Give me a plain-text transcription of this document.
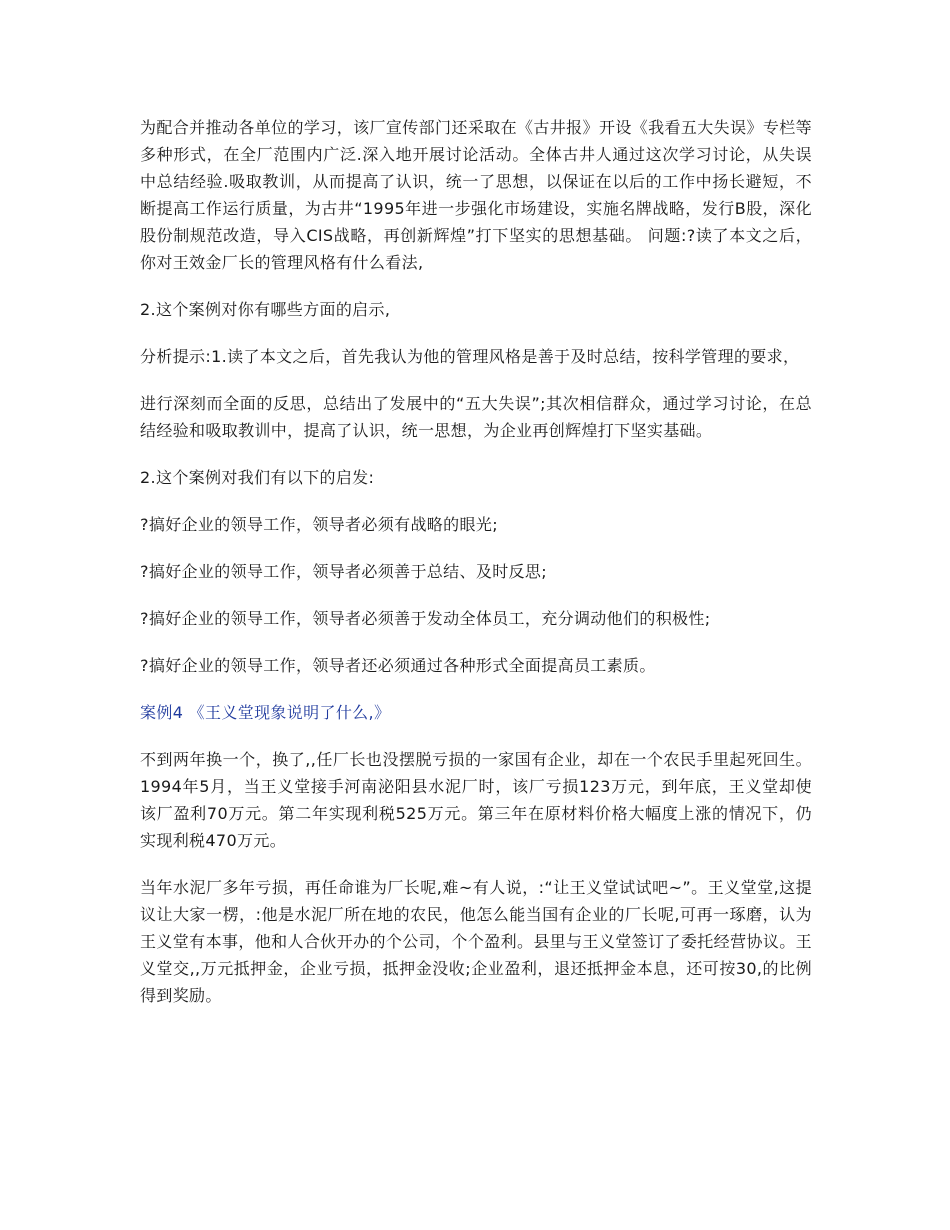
为配合并推动各单位的学习，该厂宣传部门还采取在《古井报》开设《我看五大失误》专栏等多种形式，在全厂范围内广泛.深入地开展讨论活动。全体古井人通过这次学习讨论，从失误中总结经验.吸取教训，从而提高了认识，统一了思想，以保证在以后的工作中扬长避短，不断提高工作运行质量，为古井“1995年进一步强化市场建设，实施名牌战略，发行B股，深化股份制规范改造，导入CIS战略，再创新辉煌”打下坚实的思想基础。 问题:?读了本文之后，你对王效金厂长的管理风格有什么看法,

2.这个案例对你有哪些方面的启示,

分析提示:1.读了本文之后，首先我认为他的管理风格是善于及时总结，按科学管理的要求，

进行深刻而全面的反思，总结出了发展中的“五大失误”;其次相信群众，通过学习讨论，在总结经验和吸取教训中，提高了认识，统一思想，为企业再创辉煌打下坚实基础。

2.这个案例对我们有以下的启发:

?搞好企业的领导工作，领导者必须有战略的眼光;

?搞好企业的领导工作，领导者必须善于总结、及时反思;

?搞好企业的领导工作，领导者必须善于发动全体员工，充分调动他们的积极性;

?搞好企业的领导工作，领导者还必须通过各种形式全面提高员工素质。

案例4 《王义堂现象说明了什么,》

不到两年换一个，换了,,任厂长也没摆脱亏损的一家国有企业，却在一个农民手里起死回生。1994年5月，当王义堂接手河南泌阳县水泥厂时，该厂亏损123万元，到年底，王义堂却使该厂盈利70万元。第二年实现利税525万元。第三年在原材料价格大幅度上涨的情况下，仍实现利税470万元。

当年水泥厂多年亏损，再任命谁为厂长呢,难~有人说，:“让王义堂试试吧~”。王义堂堂,这提议让大家一楞，:他是水泥厂所在地的农民，他怎么能当国有企业的厂长呢,可再一琢磨，认为王义堂有本事，他和人合伙开办的个公司，个个盈利。县里与王义堂签订了委托经营协议。王义堂交,,万元抵押金，企业亏损，抵押金没收;企业盈利，退还抵押金本息，还可按30,的比例得到奖励。
